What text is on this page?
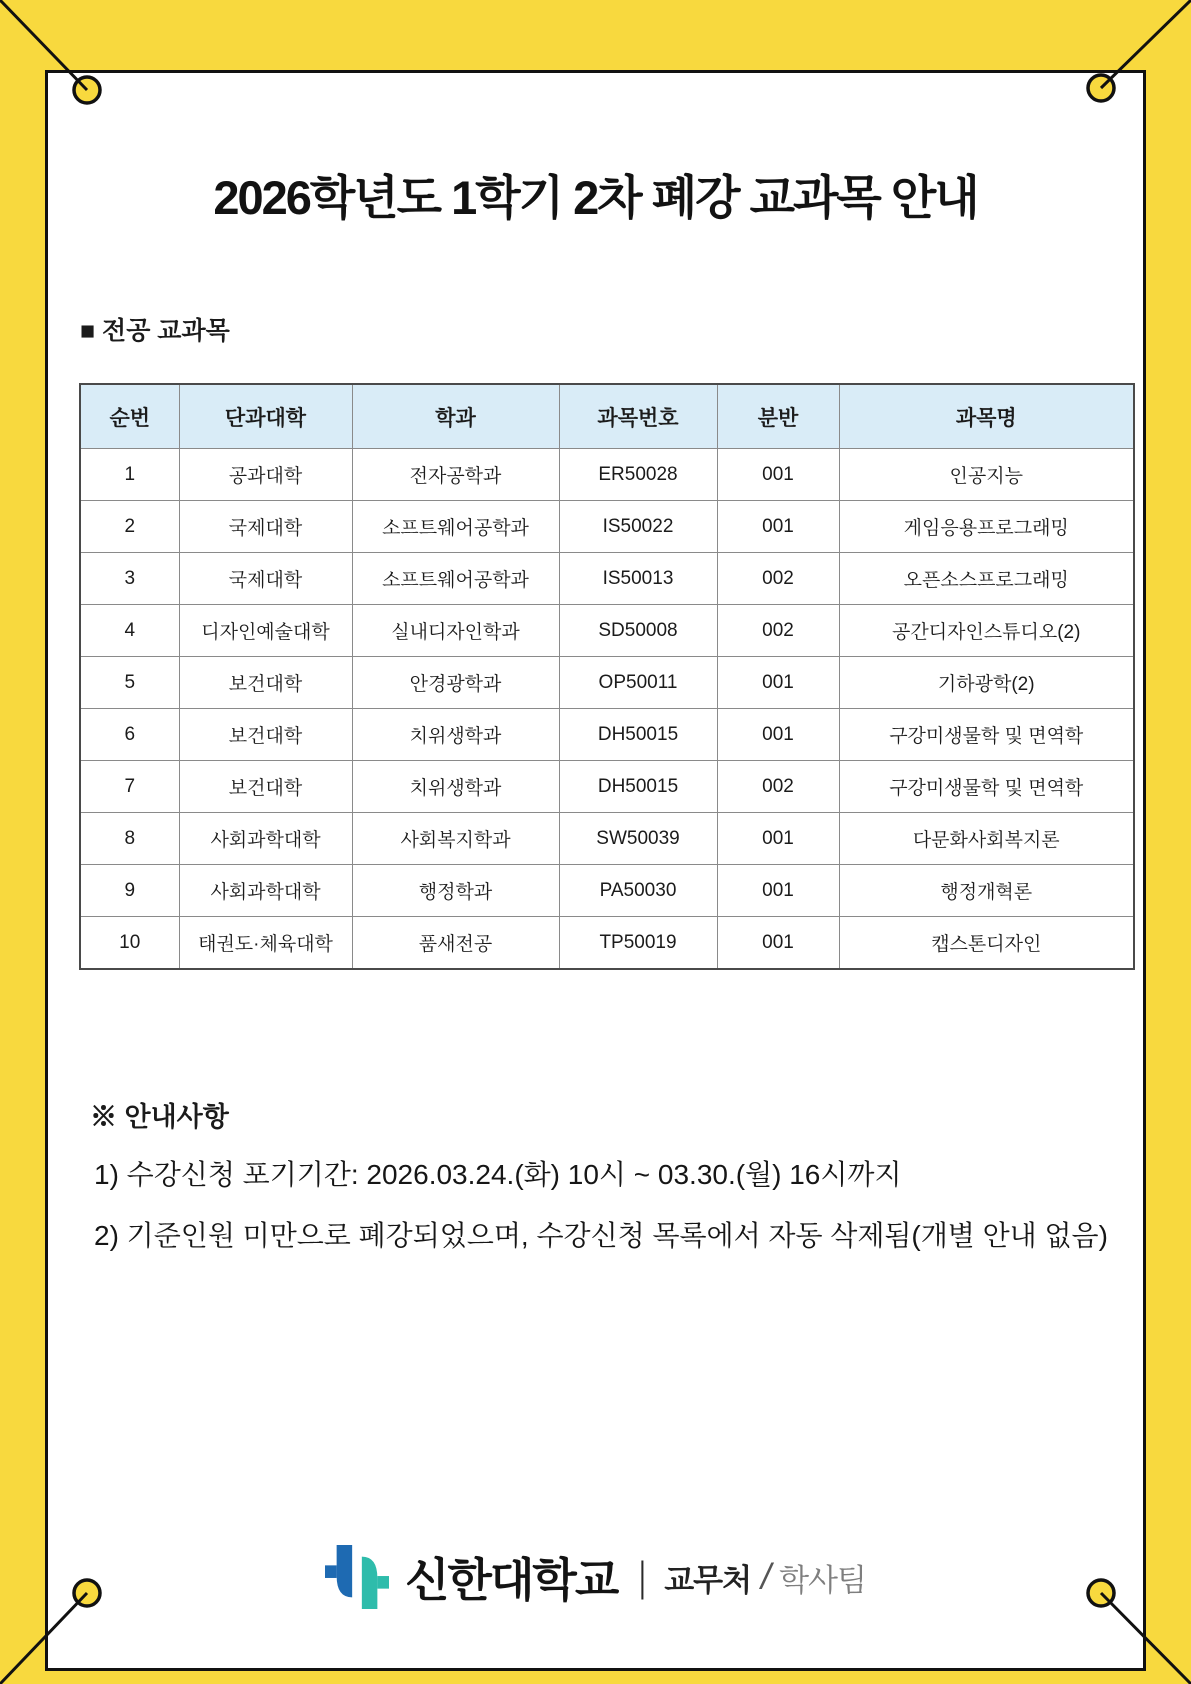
2026학년도 1학기 2차 폐강 교과목 안내
■ 전공 교과목
순번	단과대학	학과	과목번호	분반	과목명
1	공과대학	전자공학과	ER50028	001	인공지능
2	국제대학	소프트웨어공학과	IS50022	001	게임응용프로그래밍
3	국제대학	소프트웨어공학과	IS50013	002	오픈소스프로그래밍
4	디자인예술대학	실내디자인학과	SD50008	002	공간디자인스튜디오(2)
5	보건대학	안경광학과	OP50011	001	기하광학(2)
6	보건대학	치위생학과	DH50015	001	구강미생물학 및 면역학
7	보건대학	치위생학과	DH50015	002	구강미생물학 및 면역학
8	사회과학대학	사회복지학과	SW50039	001	다문화사회복지론
9	사회과학대학	행정학과	PA50030	001	행정개혁론
10	태권도·체육대학	품새전공	TP50019	001	캡스톤디자인
※ 안내사항
1) 수강신청 포기기간: 2026.03.24.(화) 10시 ~ 03.30.(월) 16시까지
2) 기준인원 미만으로 폐강되었으며, 수강신청 목록에서 자동 삭제됨(개별 안내 없음)
신한대학교 | 교무처 / 학사팀
